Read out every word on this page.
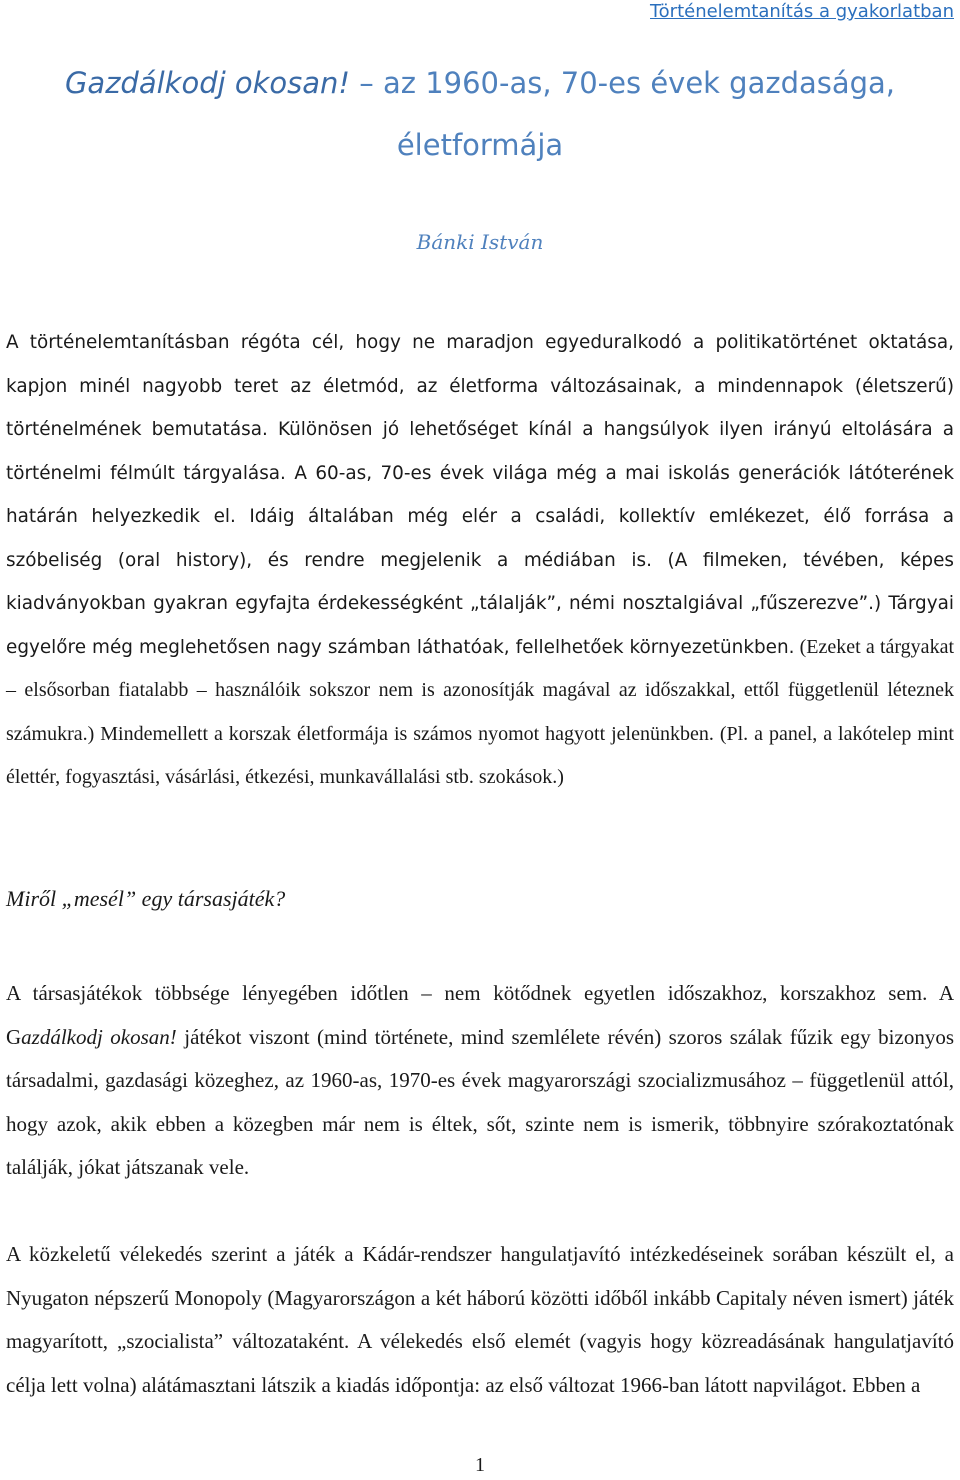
Történelemtanítás a gyakorlatban
Gazdálkodj okosan! – az 1960-as, 70-es évek gazdasága,
életformája
Bánki István

A történelemtanításban régóta cél, hogy ne maradjon egyeduralkodó a politikatörténet oktatása, kapjon minél nagyobb teret az életmód, az életforma változásainak, a mindennapok (életszerű) történelmének bemutatása. Különösen jó lehetőséget kínál a hangsúlyok ilyen irányú eltolására a történelmi félmúlt tárgyalása. A 60-as, 70-es évek világa még a mai iskolás generációk látóterének határán helyezkedik el. Idáig általában még elér a családi, kollektív emlékezet, élő forrása a szóbeliség (oral history), és rendre megjelenik a médiában is. (A filmeken, tévében, képes kiadványokban gyakran egyfajta érdekességként „tálalják”, némi nosztalgiával „fűszerezve”.) Tárgyai egyelőre még meglehetősen nagy számban láthatóak, fellelhetőek környezetünkben. (Ezeket a tárgyakat – elsősorban fiatalabb – használóik sokszor nem is azonosítják magával az időszakkal, ettől függetlenül léteznek számukra.) Mindemellett a korszak életformája is számos nyomot hagyott jelenünkben. (Pl. a panel, a lakótelep mint élettér, fogyasztási, vásárlási, étkezési, munkavállalási stb. szokások.)

Miről „mesél” egy társasjáték?

A társasjátékok többsége lényegében időtlen – nem kötődnek egyetlen időszakhoz, korszakhoz sem. A Gazdálkodj okosan! játékot viszont (mind története, mind szemlélete révén) szoros szálak fűzik egy bizonyos társadalmi, gazdasági közeghez, az 1960-as, 1970-es évek magyarországi szocializmusához – függetlenül attól, hogy azok, akik ebben a közegben már nem is éltek, sőt, szinte nem is ismerik, többnyire szórakoztatónak találják, jókat játszanak vele.

A közkeletű vélekedés szerint a játék a Kádár-rendszer hangulatjavító intézkedéseinek sorában készült el, a Nyugaton népszerű Monopoly (Magyarországon a két háború közötti időből inkább Capitaly néven ismert) játék magyarított, „szocialista” változataként. A vélekedés első elemét (vagyis hogy közreadásának hangulatjavító célja lett volna) alátámasztani látszik a kiadás időpontja: az első változat 1966-ban látott napvilágot. Ebben a

1
